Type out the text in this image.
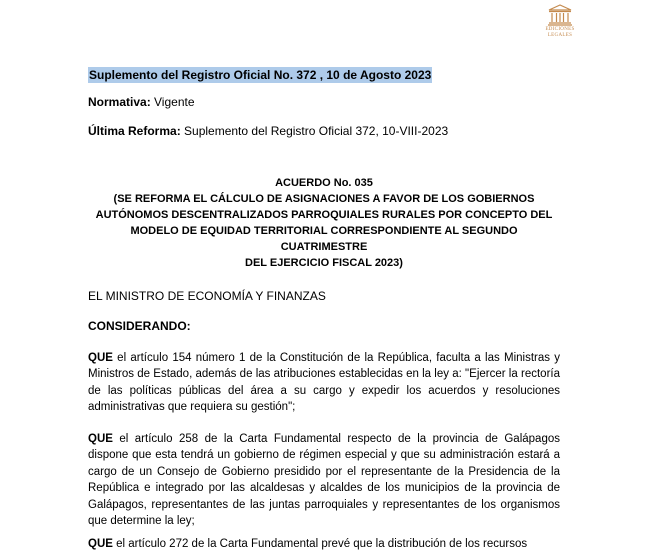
EDICIONES
LEGALES
Suplemento del Registro Oficial No. 372 , 10 de Agosto 2023
Normativa: Vigente
Última Reforma: Suplemento del Registro Oficial 372, 10-VIII-2023
ACUERDO No. 035
(SE REFORMA EL CÁLCULO DE ASIGNACIONES A FAVOR DE LOS GOBIERNOS
AUTÓNOMOS DESCENTRALIZADOS PARROQUIALES RURALES POR CONCEPTO DEL
MODELO DE EQUIDAD TERRITORIAL CORRESPONDIENTE AL SEGUNDO CUATRIMESTRE
DEL EJERCICIO FISCAL 2023)
EL MINISTRO DE ECONOMÍA Y FINANZAS
CONSIDERANDO:
QUE el artículo 154 número 1 de la Constitución de la República, faculta a las Ministras y Ministros de Estado, además de las atribuciones establecidas en la ley a: "Ejercer la rectoría de las políticas públicas del área a su cargo y expedir los acuerdos y resoluciones administrativas que requiera su gestión";
QUE el artículo 258 de la Carta Fundamental respecto de la provincia de Galápagos dispone que esta tendrá un gobierno de régimen especial y que su administración estará a cargo de un Consejo de Gobierno presidido por el representante de la Presidencia de la República e integrado por las alcaldesas y alcaldes de los municipios de la provincia de Galápagos, representantes de las juntas parroquiales y representantes de los organismos que determine la ley;
QUE el artículo 272 de la Carta Fundamental prevé que la distribución de los recursos
